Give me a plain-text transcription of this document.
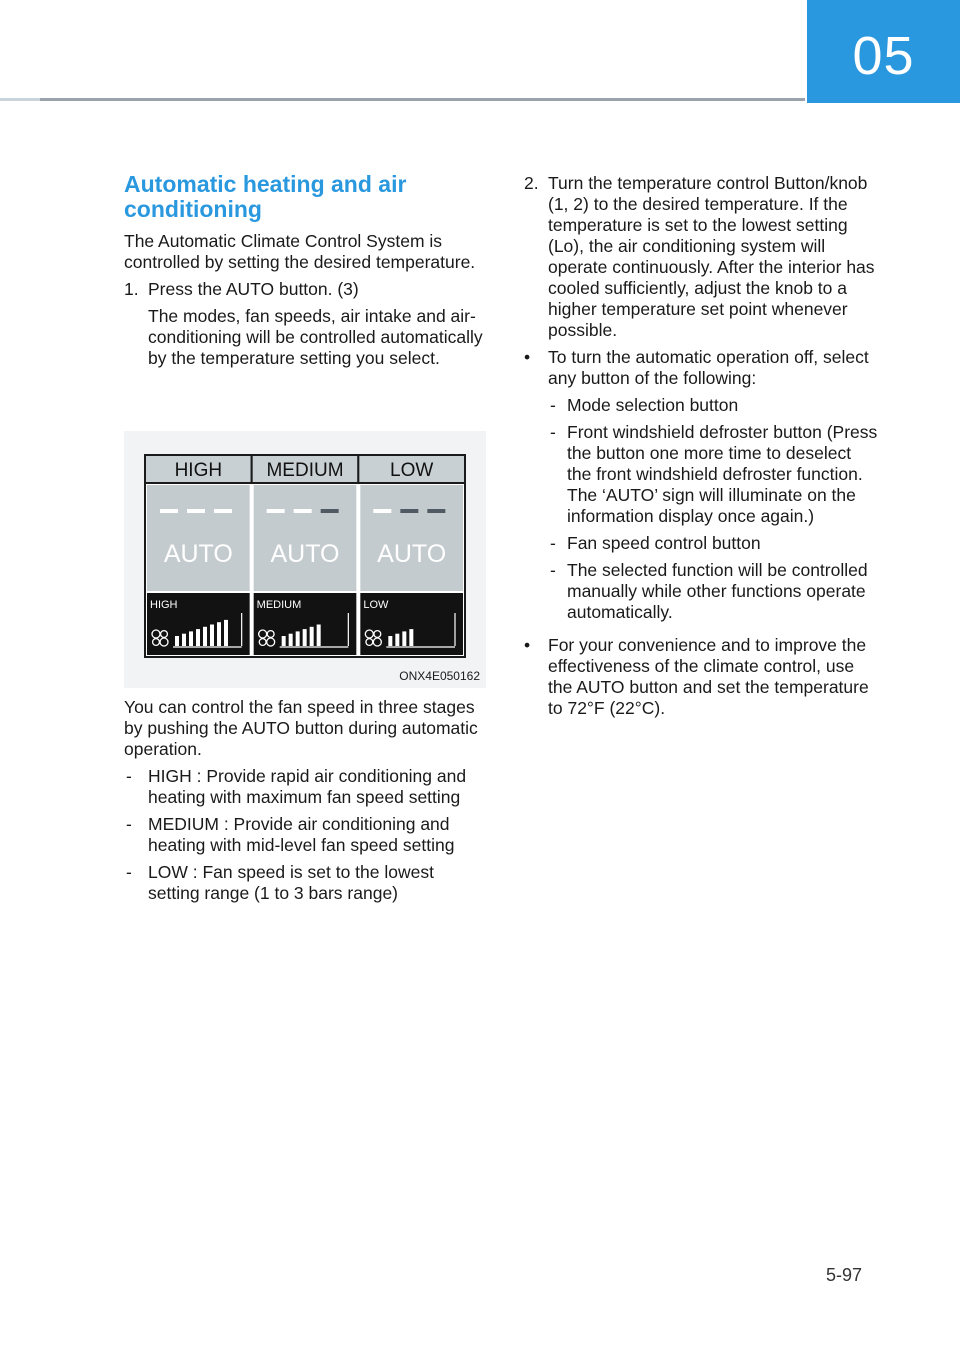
05
Automatic heating and air conditioning

The Automatic Climate Control System is controlled by setting the desired temperature.

1. Press the AUTO button. (3)

The modes, fan speeds, air intake and air-conditioning will be controlled automatically by the temperature setting you select.

HIGH
AUTO
HIGH
MEDIUM
AUTO
MEDIUM
LOW
AUTO
LOW
ONX4E050162

You can control the fan speed in three stages by pushing the AUTO button during automatic operation.

- HIGH : Provide rapid air conditioning and heating with maximum fan speed setting
- MEDIUM : Provide air conditioning and heating with mid-level fan speed setting
- LOW : Fan speed is set to the lowest setting range (1 to 3 bars range)
2. Turn the temperature control Button/knob (1, 2) to the desired temperature. If the temperature is set to the lowest setting (Lo), the air conditioning system will operate continuously. After the interior has cooled sufficiently, adjust the knob to a higher temperature set point whenever possible.
•	To turn the automatic operation off, select any button of the following:
- Mode selection button
- Front windshield defroster button (Press the button one more time to deselect the front windshield defroster function. The ‘AUTO’ sign will illuminate on the information display once again.)
- Fan speed control button
- The selected function will be controlled manually while other functions operate automatically.
•	For your convenience and to improve the effectiveness of the climate control, use the AUTO button and set the temperature to 72°F (22°C).
5-97
